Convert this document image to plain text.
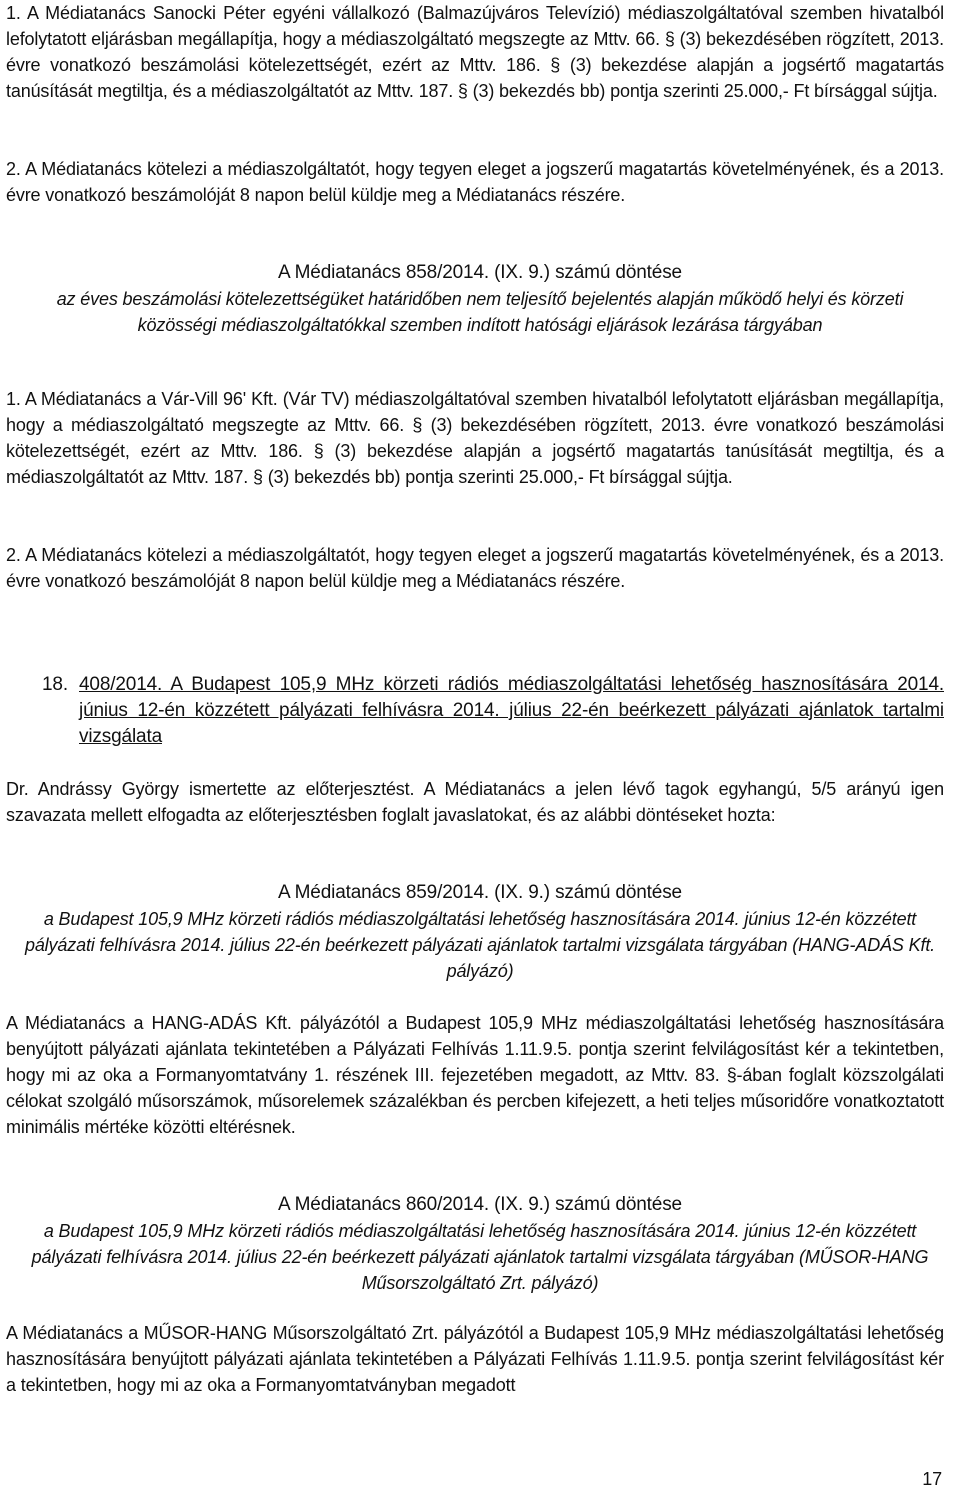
1. A Médiatanács Sanocki Péter egyéni vállalkozó (Balmazújváros Televízió) médiaszolgáltatóval szemben hivatalból lefolytatott eljárásban megállapítja, hogy a médiaszolgáltató megszegte az Mttv. 66. § (3) bekezdésében rögzített, 2013. évre vonatkozó beszámolási kötelezettségét, ezért az Mttv. 186. § (3) bekezdése alapján a jogsértő magatartás tanúsítását megtiltja, és a médiaszolgáltatót az Mttv. 187. § (3) bekezdés bb) pontja szerinti 25.000,- Ft bírsággal sújtja.

2. A Médiatanács kötelezi a médiaszolgáltatót, hogy tegyen eleget a jogszerű magatartás követelményének, és a 2013. évre vonatkozó beszámolóját 8 napon belül küldje meg a Médiatanács részére.

A Médiatanács 858/2014. (IX. 9.) számú döntése

az éves beszámolási kötelezettségüket határidőben nem teljesítő bejelentés alapján működő helyi és körzeti közösségi médiaszolgáltatókkal szemben indított hatósági eljárások lezárása tárgyában

1. A Médiatanács a Vár-Vill 96' Kft. (Vár TV) médiaszolgáltatóval szemben hivatalból lefolytatott eljárásban megállapítja, hogy a médiaszolgáltató megszegte az Mttv. 66. § (3) bekezdésében rögzített, 2013. évre vonatkozó beszámolási kötelezettségét, ezért az Mttv. 186. § (3) bekezdése alapján a jogsértő magatartás tanúsítását megtiltja, és a médiaszolgáltatót az Mttv. 187. § (3) bekezdés bb) pontja szerinti 25.000,- Ft bírsággal sújtja.

2. A Médiatanács kötelezi a médiaszolgáltatót, hogy tegyen eleget a jogszerű magatartás követelményének, és a 2013. évre vonatkozó beszámolóját 8 napon belül küldje meg a Médiatanács részére.

18. 408/2014. A Budapest 105,9 MHz körzeti rádiós médiaszolgáltatási lehetőség hasznosítására 2014. június 12-én közzétett pályázati felhívásra 2014. július 22-én beérkezett pályázati ajánlatok tartalmi vizsgálata

Dr. Andrássy György ismertette az előterjesztést. A Médiatanács a jelen lévő tagok egyhangú, 5/5 arányú igen szavazata mellett elfogadta az előterjesztésben foglalt javaslatokat, és az alábbi döntéseket hozta:

A Médiatanács 859/2014. (IX. 9.) számú döntése

a Budapest 105,9 MHz körzeti rádiós médiaszolgáltatási lehetőség hasznosítására 2014. június 12-én közzétett pályázati felhívásra 2014. július 22-én beérkezett pályázati ajánlatok tartalmi vizsgálata tárgyában (HANG-ADÁS Kft. pályázó)

A Médiatanács a HANG-ADÁS Kft. pályázótól a Budapest 105,9 MHz médiaszolgáltatási lehetőség hasznosítására benyújtott pályázati ajánlata tekintetében a Pályázati Felhívás 1.11.9.5. pontja szerint felvilágosítást kér a tekintetben, hogy mi az oka a Formanyomtatvány 1. részének III. fejezetében megadott, az Mttv. 83. §-ában foglalt közszolgálati célokat szolgáló műsorszámok, műsorelemek százalékban és percben kifejezett, a heti teljes műsoridőre vonatkoztatott minimális mértéke közötti eltérésnek.

A Médiatanács 860/2014. (IX. 9.) számú döntése

a Budapest 105,9 MHz körzeti rádiós médiaszolgáltatási lehetőség hasznosítására 2014. június 12-én közzétett pályázati felhívásra 2014. július 22-én beérkezett pályázati ajánlatok tartalmi vizsgálata tárgyában (MŰSOR-HANG Műsorszolgáltató Zrt. pályázó)

A Médiatanács a MŰSOR-HANG Műsorszolgáltató Zrt. pályázótól a Budapest 105,9 MHz médiaszolgáltatási lehetőség hasznosítására benyújtott pályázati ajánlata tekintetében a Pályázati Felhívás 1.11.9.5. pontja szerint felvilágosítást kér a tekintetben, hogy mi az oka a Formanyomtatványban megadott

17
